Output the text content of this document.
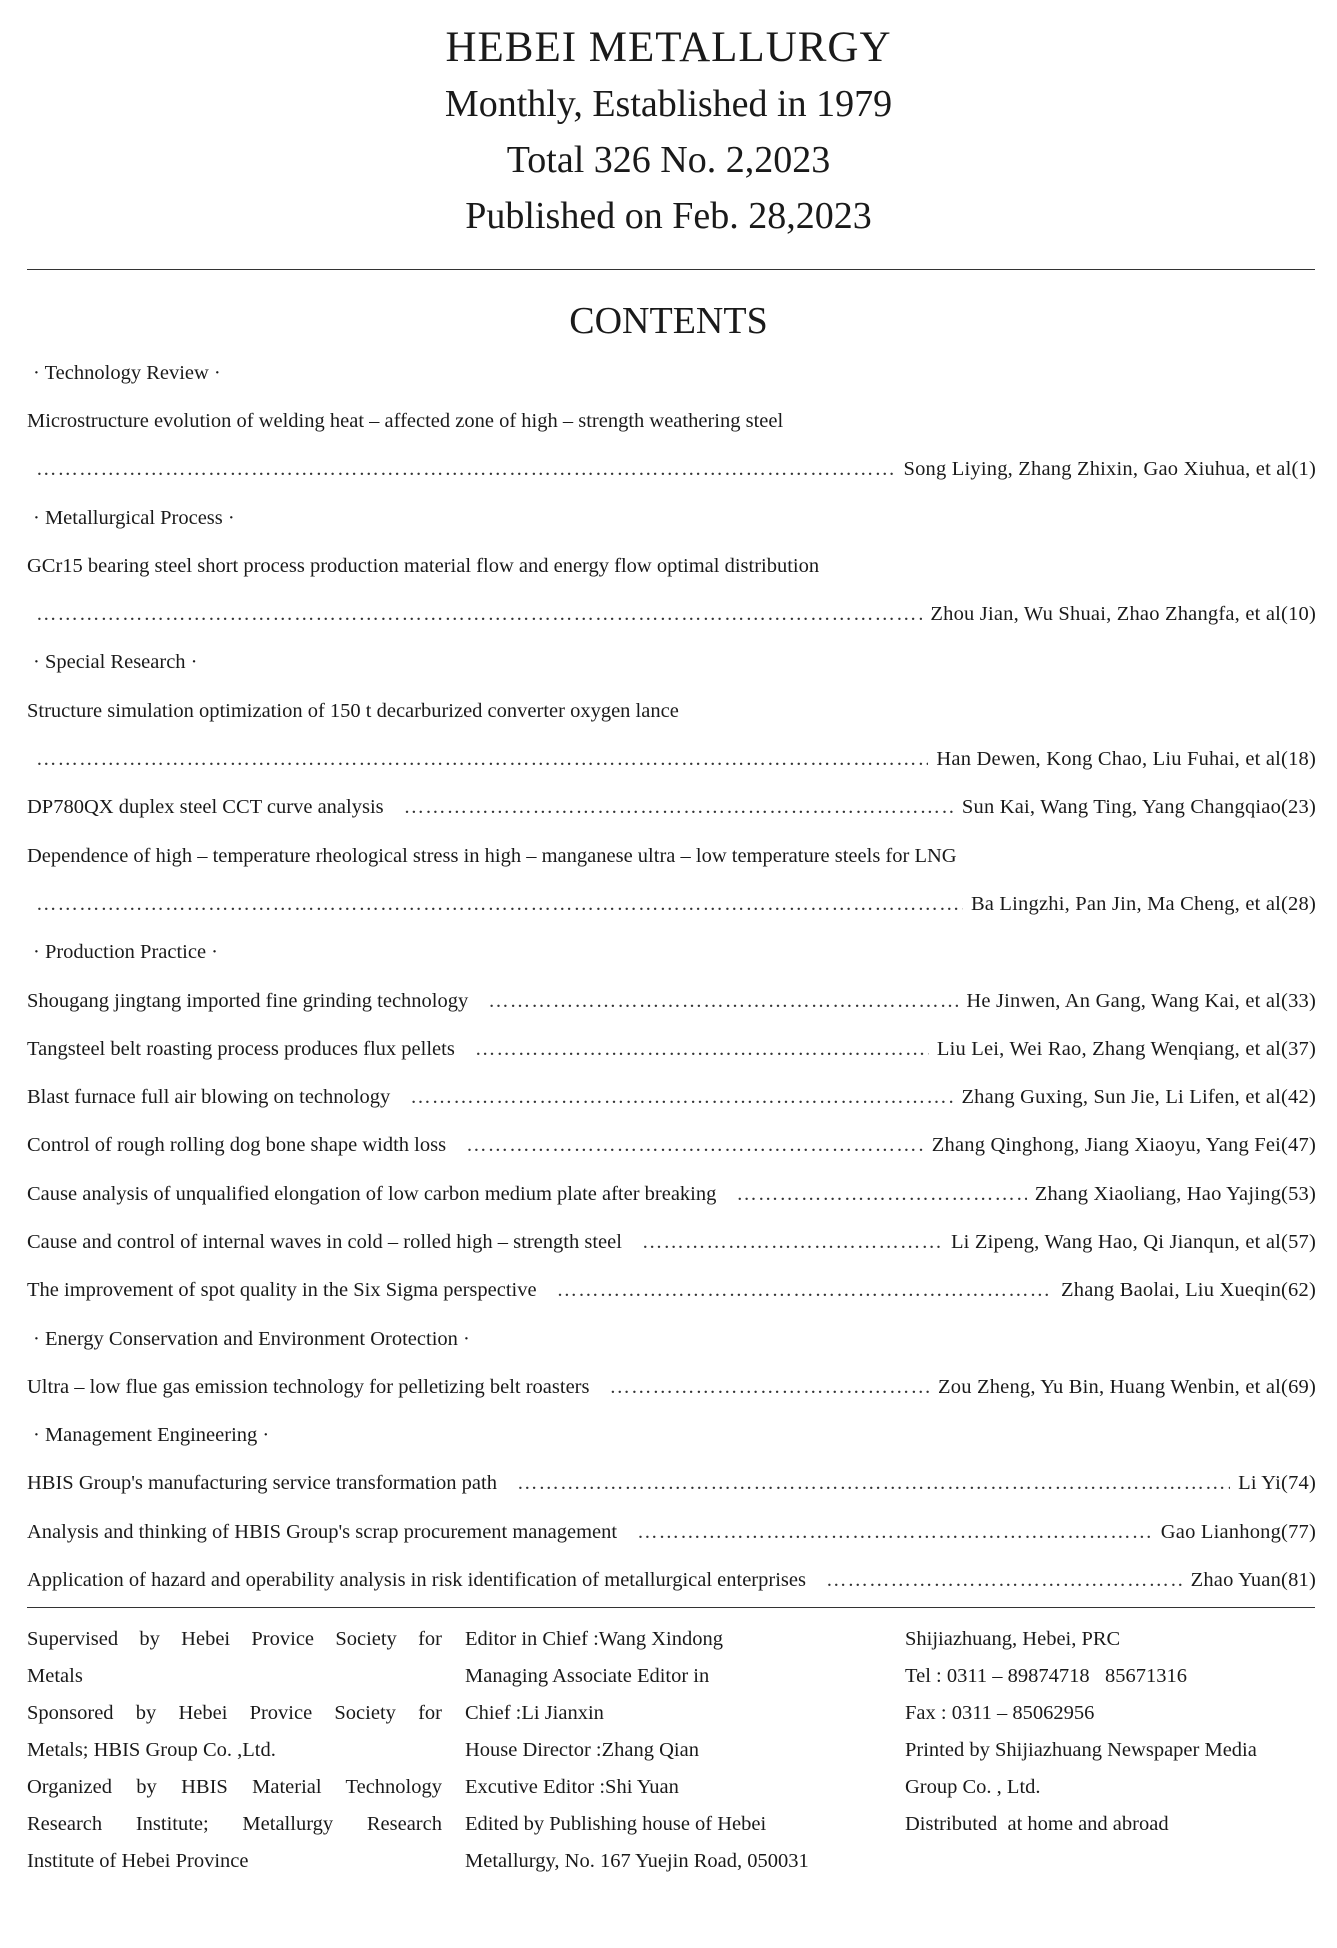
HEBEI METALLURGY
Monthly, Established in 1979
Total 326 No. 2,2023
Published on Feb. 28,2023
CONTENTS
· Technology Review ·
Microstructure evolution of welding heat – affected zone of high – strength weathering steel
…………………………………………………………………………………………………………………………………………………………………………………………
Song Liying, Zhang Zhixin, Gao Xiuhua, et al(1)
· Metallurgical Process ·
GCr15 bearing steel short process production material flow and energy flow optimal distribution
…………………………………………………………………………………………………………………………………………………………………………………………
Zhou Jian, Wu Shuai, Zhao Zhangfa, et al(10)
· Special Research ·
Structure simulation optimization of 150 t decarburized converter oxygen lance
…………………………………………………………………………………………………………………………………………………………………………………………
Han Dewen, Kong Chao, Liu Fuhai, et al(18)
DP780QX duplex steel CCT curve analysis …………………………………………………………………………………………………………………………………………………………………………………………	Sun Kai, Wang Ting, Yang Changqiao(23)
Dependence of high – temperature rheological stress in high – manganese ultra – low temperature steels for LNG
…………………………………………………………………………………………………………………………………………………………………………………………
Ba Lingzhi, Pan Jin, Ma Cheng, et al(28)
· Production Practice ·
Shougang jingtang imported fine grinding technology …………………………………………………………………………………………………………………………………………………………………………………………	He Jinwen, An Gang, Wang Kai, et al(33)
Tangsteel belt roasting process produces flux pellets …………………………………………………………………………………………………………………………………………………………………………………………	Liu Lei, Wei Rao, Zhang Wenqiang, et al(37)
Blast furnace full air blowing on technology …………………………………………………………………………………………………………………………………………………………………………………………	Zhang Guxing, Sun Jie, Li Lifen, et al(42)
Control of rough rolling dog bone shape width loss …………………………………………………………………………………………………………………………………………………………………………………………	Zhang Qinghong, Jiang Xiaoyu, Yang Fei(47)
Cause analysis of unqualified elongation of low carbon medium plate after breaking …………………………………………………………………………………………………………………………………………………………………………………………	Zhang Xiaoliang, Hao Yajing(53)
Cause and control of internal waves in cold – rolled high – strength steel …………………………………………………………………………………………………………………………………………………………………………………………	Li Zipeng, Wang Hao, Qi Jianqun, et al(57)
The improvement of spot quality in the Six Sigma perspective …………………………………………………………………………………………………………………………………………………………………………………………	Zhang Baolai, Liu Xueqin(62)
· Energy Conservation and Environment Orotection ·
Ultra – low flue gas emission technology for pelletizing belt roasters …………………………………………………………………………………………………………………………………………………………………………………………	Zou Zheng, Yu Bin, Huang Wenbin, et al(69)
· Management Engineering ·
HBIS Group's manufacturing service transformation path …………………………………………………………………………………………………………………………………………………………………………………………	Li Yi(74)
Analysis and thinking of HBIS Group's scrap procurement management …………………………………………………………………………………………………………………………………………………………………………………………	Gao Lianhong(77)
Application of hazard and operability analysis in risk identification of metallurgical enterprises …………………………………………………………………………………………………………………………………………………………………………………………	Zhao Yuan(81)
Supervised by Hebei Provice Society for
Metals
Sponsored by Hebei Provice Society for
Metals; HBIS Group Co. ,Ltd.
Organized by HBIS Material Technology
Research Institute; Metallurgy Research
Institute of Hebei Province
Editor in Chief :Wang Xindong
Managing Associate Editor in
Chief :Li Jianxin
House Director :Zhang Qian
Excutive Editor :Shi Yuan
Edited by Publishing house of Hebei
Metallurgy, No. 167 Yuejin Road, 050031
Shijiazhuang, Hebei, PRC
Tel : 0311 – 89874718   85671316
Fax : 0311 – 85062956
Printed by Shijiazhuang Newspaper Media
Group Co. , Ltd.
Distributed  at home and abroad
